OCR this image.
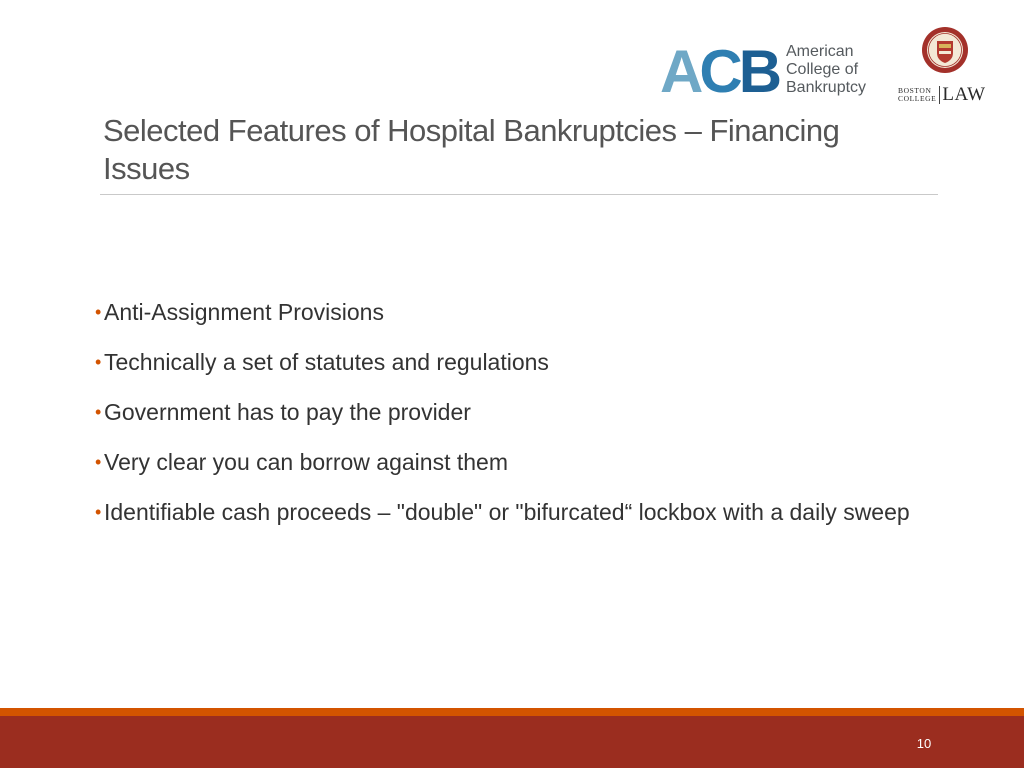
ACB American
College of
Bankruptcy	BOSTON
COLLEGE LAW
Selected Features of Hospital Bankruptcies – Financing Issues
• Anti-Assignment Provisions
• Technically a set of statutes and regulations
• Government has to pay the provider
• Very clear you can borrow against them
• Identifiable cash proceeds – "double" or "bifurcated“ lockbox with a daily sweep
10
